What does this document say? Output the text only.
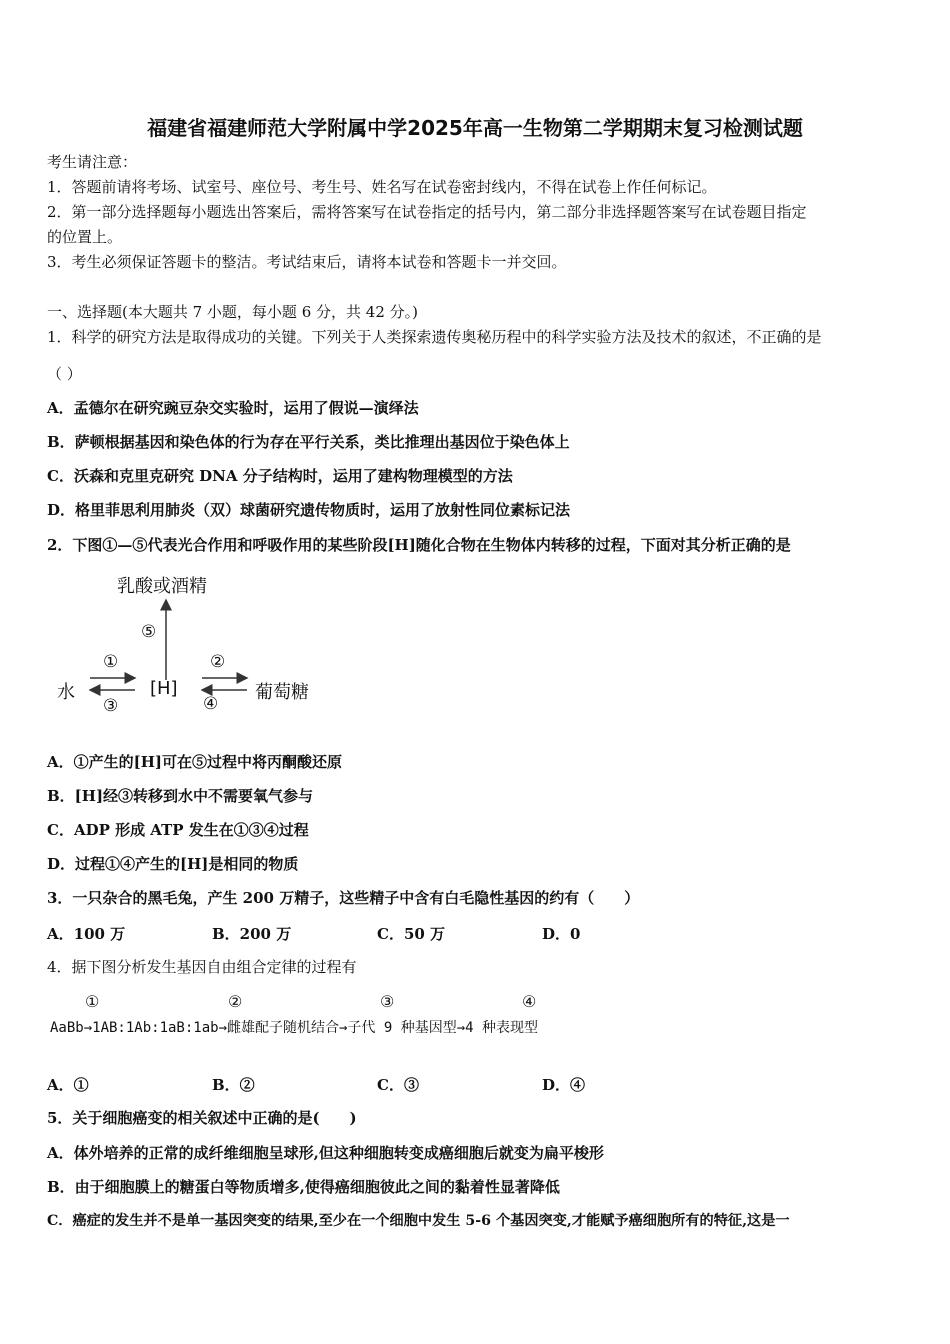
福建省福建师范大学附属中学2025年高一生物第二学期期末复习检测试题
考生请注意：
1．答题前请将考场、试室号、座位号、考生号、姓名写在试卷密封线内，不得在试卷上作任何标记。
2．第一部分选择题每小题选出答案后，需将答案写在试卷指定的括号内，第二部分非选择题答案写在试卷题目指定
的位置上。
3．考生必须保证答题卡的整洁。考试结束后，请将本试卷和答题卡一并交回。
一、选择题(本大题共 7 小题，每小题 6 分，共 42 分。)
1．科学的研究方法是取得成功的关键。下列关于人类探索遗传奥秘历程中的科学实验方法及技术的叙述，不正确的是
（ ）
A．孟德尔在研究豌豆杂交实验时，运用了假说—演绎法
B．萨顿根据基因和染色体的行为存在平行关系，类比推理出基因位于染色体上
C．沃森和克里克研究 DNA 分子结构时，运用了建构物理模型的方法
D．格里菲思利用肺炎（双）球菌研究遗传物质时，运用了放射性同位素标记法
2．下图①—⑤代表光合作用和呼吸作用的某些阶段[H]随化合物在生物体内转移的过程，下面对其分析正确的是
乳酸或酒精
⑤
①	②
水	[H]	葡萄糖
③	④
A．①产生的[H]可在⑤过程中将丙酮酸还原
B．[H]经③转移到水中不需要氧气参与
C．ADP 形成 ATP 发生在①③④过程
D．过程①④产生的[H]是相同的物质
3．一只杂合的黑毛兔，产生 200 万精子，这些精子中含有白毛隐性基因的约有（　　）
A．100 万	B．200 万	C．50 万	D．0
4．据下图分析发生基因自由组合定律的过程有
①	②	③	④
AaBb→1AB:1Ab:1aB:1ab→雌雄配子随机结合→子代 9 种基因型→4 种表现型
A．①	B．②	C．③	D．④
5．关于细胞癌变的相关叙述中正确的是(　　)
A．体外培养的正常的成纤维细胞呈球形,但这种细胞转变成癌细胞后就变为扁平梭形
B．由于细胞膜上的糖蛋白等物质增多,使得癌细胞彼此之间的黏着性显著降低
C．癌症的发生并不是单一基因突变的结果,至少在一个细胞中发生 5-6 个基因突变,才能赋予癌细胞所有的特征,这是一
